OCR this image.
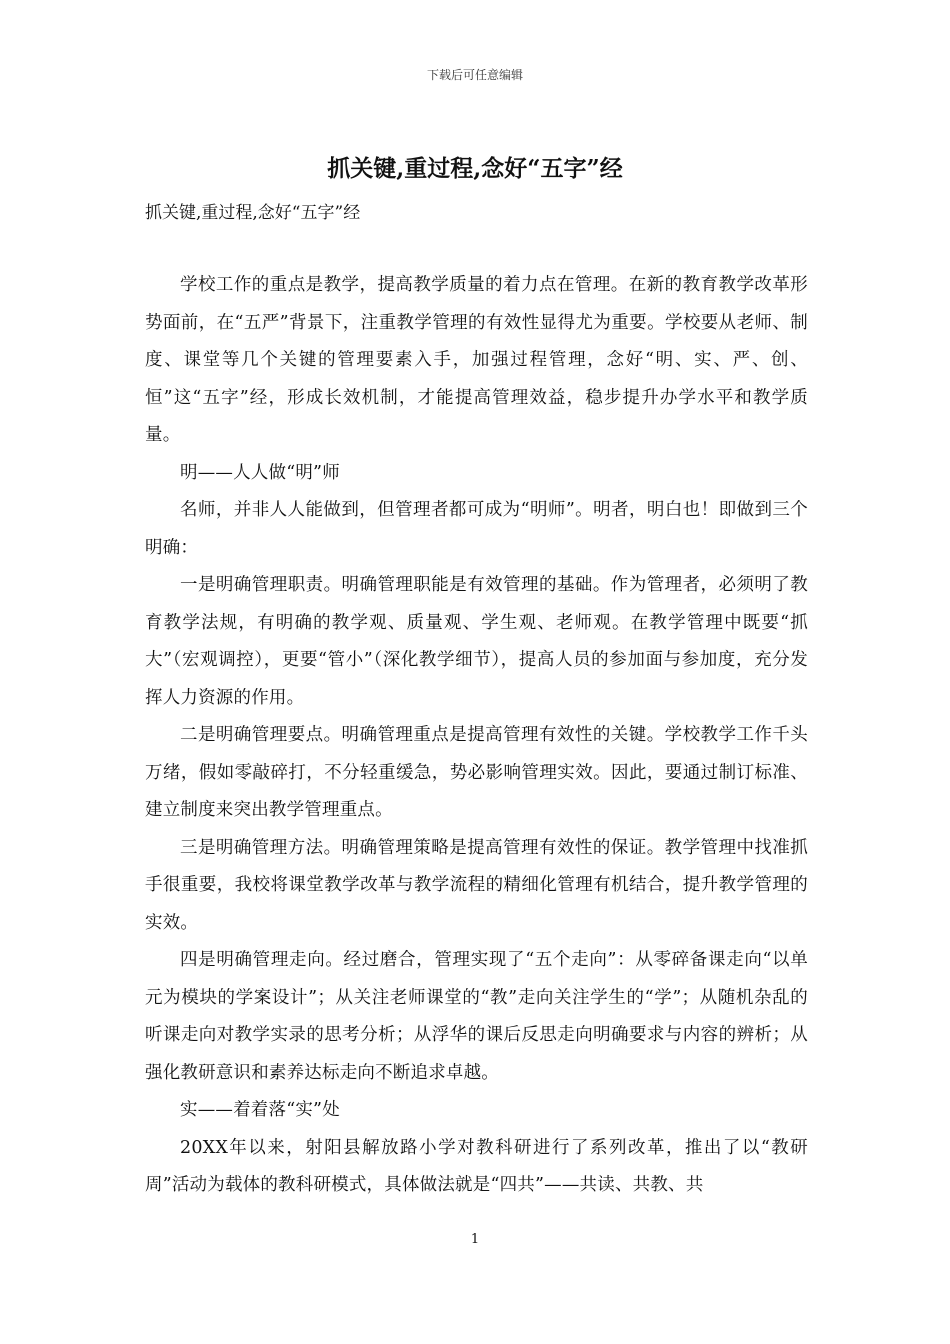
下载后可任意编辑
抓关键,重过程,念好“五字”经
抓关键,重过程,念好“五字”经

学校工作的重点是教学，提高教学质量的着力点在管理。在新的教育教学改革形势面前，在“五严”背景下，注重教学管理的有效性显得尤为重要。学校要从老师、制度、课堂等几个关键的管理要素入手，加强过程管理，念好“明、实、严、创、恒”这“五字”经，形成长效机制，才能提高管理效益，稳步提升办学水平和教学质量。

明——人人做“明”师

名师，并非人人能做到，但管理者都可成为“明师”。明者，明白也！即做到三个明确：

一是明确管理职责。明确管理职能是有效管理的基础。作为管理者，必须明了教育教学法规，有明确的教学观、质量观、学生观、老师观。在教学管理中既要“抓大”（宏观调控），更要“管小”（深化教学细节），提高人员的参加面与参加度，充分发挥人力资源的作用。

二是明确管理要点。明确管理重点是提高管理有效性的关键。学校教学工作千头万绪，假如零敲碎打，不分轻重缓急，势必影响管理实效。因此，要通过制订标准、建立制度来突出教学管理重点。

三是明确管理方法。明确管理策略是提高管理有效性的保证。教学管理中找准抓手很重要，我校将课堂教学改革与教学流程的精细化管理有机结合，提升教学管理的实效。

四是明确管理走向。经过磨合，管理实现了“五个走向”：从零碎备课走向“以单元为模块的学案设计”；从关注老师课堂的“教”走向关注学生的“学”；从随机杂乱的听课走向对教学实录的思考分析；从浮华的课后反思走向明确要求与内容的辨析；从强化教研意识和素养达标走向不断追求卓越。

实——着着落“实”处

20XX年以来，射阳县解放路小学对教科研进行了系列改革，推出了以“教研周”活动为载体的教科研模式，具体做法就是“四共”——共读、共教、共

1
